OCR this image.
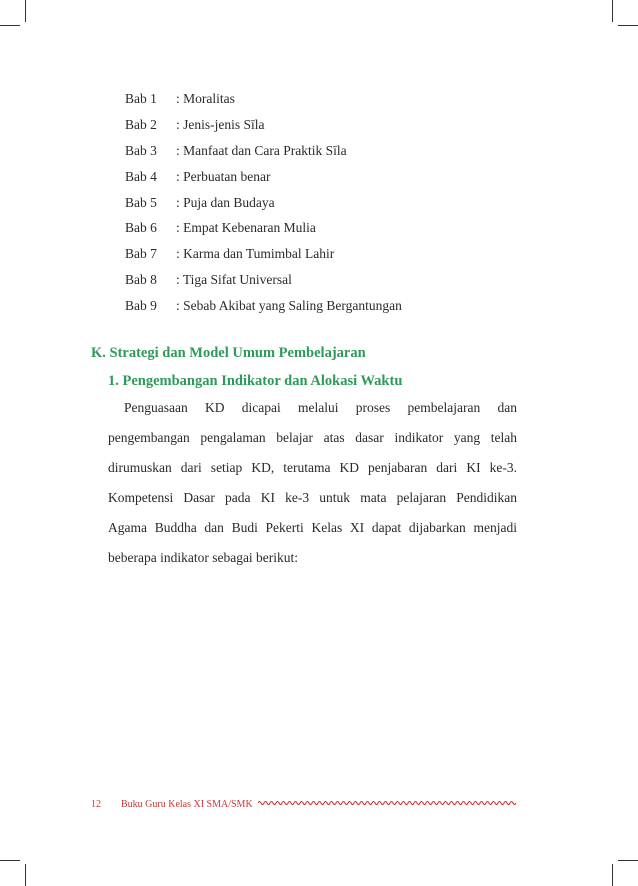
Bab 1	: Moralitas
Bab 2	: Jenis-jenis Sīla
Bab 3	: Manfaat dan Cara Praktik Sīla
Bab 4	: Perbuatan benar
Bab 5	: Puja dan Budaya
Bab 6	: Empat Kebenaran Mulia
Bab 7	: Karma dan Tumimbal Lahir
Bab 8	: Tiga Sifat Universal
Bab 9	: Sebab Akibat yang Saling Bergantungan
K. Strategi dan Model Umum Pembelajaran
1. Pengembangan Indikator dan Alokasi Waktu
Penguasaan KD dicapai melalui proses pembelajaran dan
pengembangan pengalaman belajar atas dasar indikator yang telah
dirumuskan dari setiap KD, terutama KD penjabaran dari KI ke-3.
Kompetensi Dasar pada KI ke-3 untuk mata pelajaran Pendidikan
Agama Buddha dan Budi Pekerti Kelas XI dapat dijabarkan menjadi
beberapa indikator sebagai berikut:
12 Buku Guru Kelas XI SMA/SMK
